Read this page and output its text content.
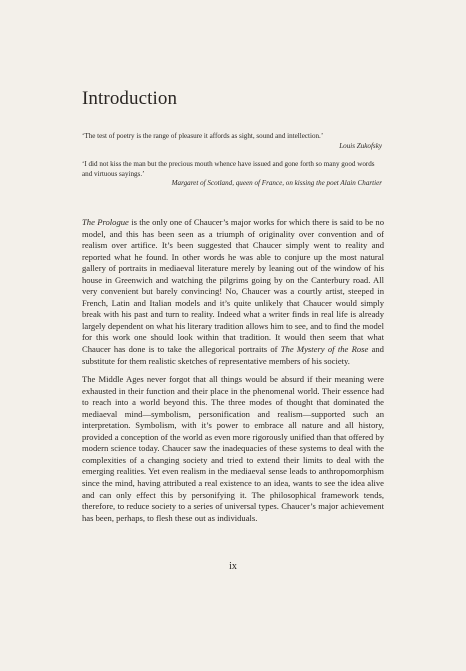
Introduction

‘The test of poetry is the range of pleasure it affords as sight, sound and intellection.’

Louis Zukofsky

‘I did not kiss the man but the precious mouth whence have issued and gone forth so many good words and virtuous sayings.’

Margaret of Scotland, queen of France, on kissing the poet Alain Chartier

The Prologue is the only one of Chaucer’s major works for which there is said to be no model, and this has been seen as a triumph of originality over convention and of realism over artifice. It’s been suggested that Chaucer simply went to reality and reported what he found. In other words he was able to conjure up the most natural gallery of portraits in mediaeval literature merely by leaning out of the window of his house in Greenwich and watching the pilgrims going by on the Canterbury road. All very convenient but barely convincing! No, Chaucer was a courtly artist, steeped in French, Latin and Italian models and it’s quite unlikely that Chaucer would simply break with his past and turn to reality. Indeed what a writer finds in real life is already largely dependent on what his literary tradition allows him to see, and to find the model for this work one should look within that tradition. It would then seem that what Chaucer has done is to take the allegorical portraits of The Mystery of the Rose and substitute for them realistic sketches of representative members of his society.

The Middle Ages never forgot that all things would be absurd if their meaning were exhausted in their function and their place in the phenomenal world. Their essence had to reach into a world beyond this. The three modes of thought that dominated the mediaeval mind—symbolism, personification and realism—supported such an interpretation. Symbolism, with it’s power to embrace all nature and all history, provided a conception of the world as even more rigorously unified than that offered by modern science today. Chaucer saw the inadequacies of these systems to deal with the complexities of a changing society and tried to extend their limits to deal with the emerging realities. Yet even realism in the mediaeval sense leads to anthropomorphism since the mind, having attributed a real existence to an idea, wants to see the idea alive and can only effect this by personifying it. The philosophical framework tends, therefore, to reduce society to a series of universal types. Chaucer’s major achievement has been, perhaps, to flesh these out as individuals.

ix
